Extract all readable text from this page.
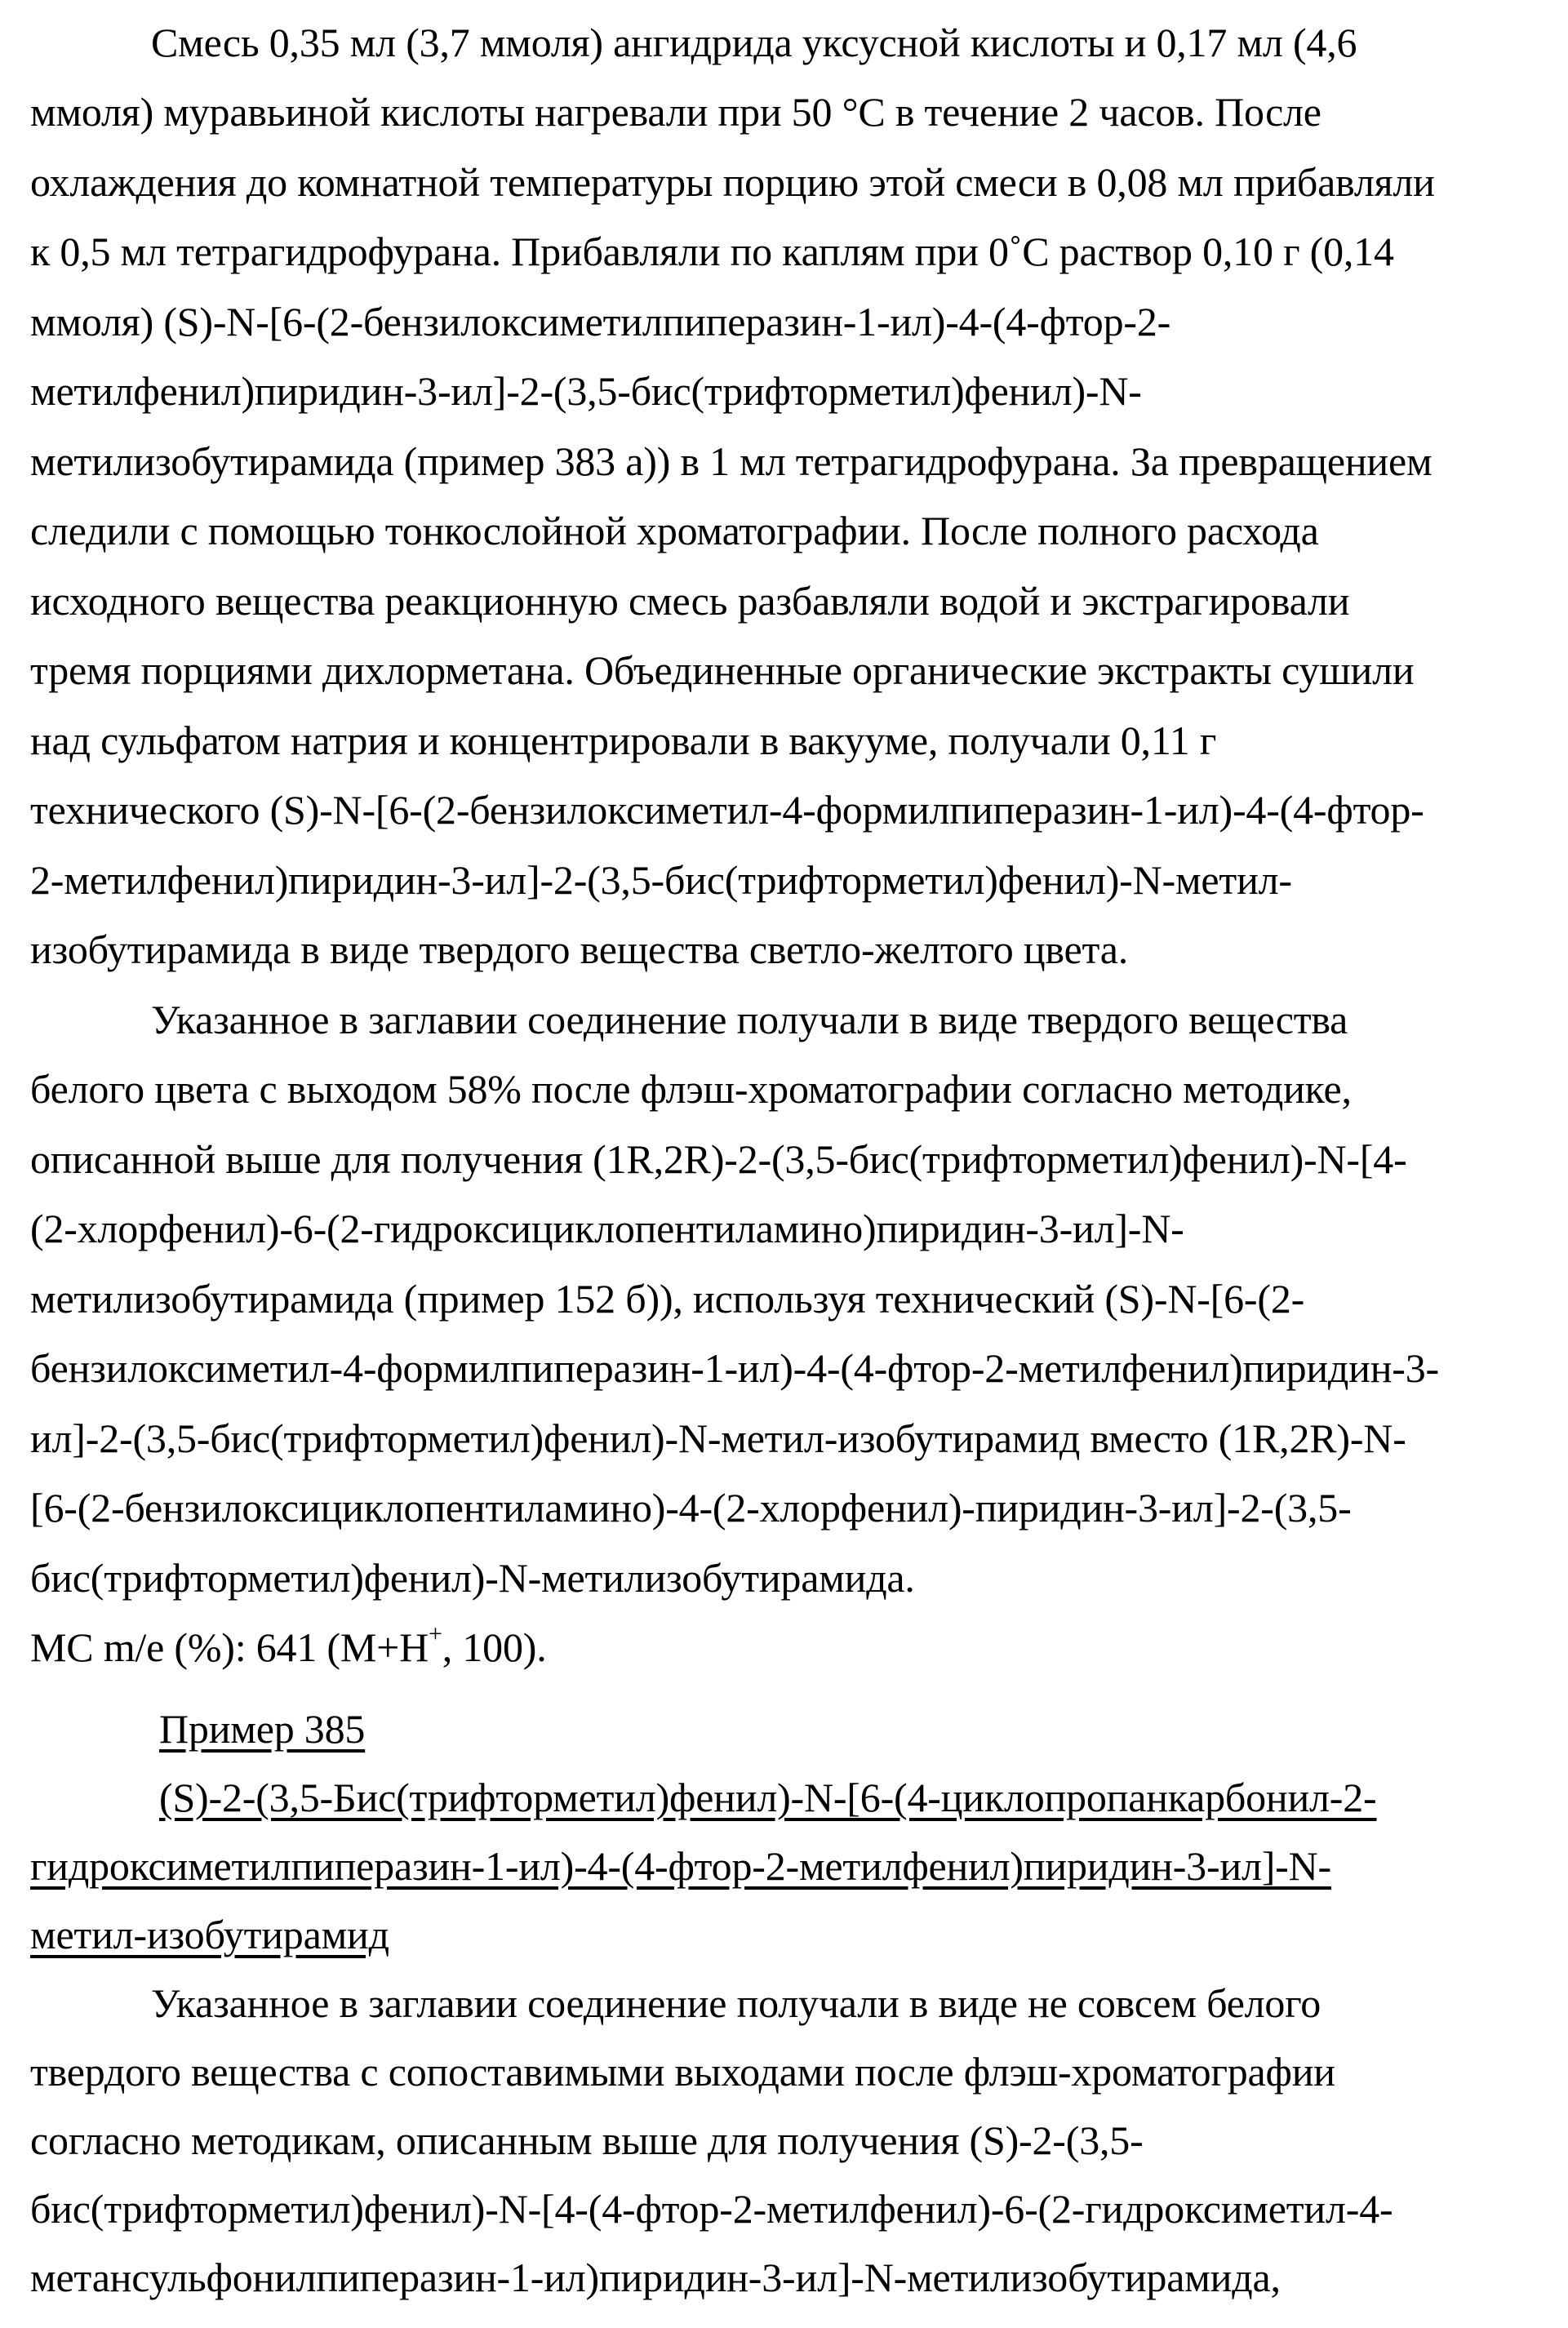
Смесь 0,35 мл (3,7 ммоля) ангидрида уксусной кислоты и 0,17 мл (4,6
ммоля) муравьиной кислоты нагревали при 50 °С в течение 2 часов. После
охлаждения до комнатной температуры порцию этой смеси в 0,08 мл прибавляли
к 0,5 мл тетрагидрофурана. Прибавляли по каплям при 0˚С раствор 0,10 г (0,14
ммоля) (S)-N-[6-(2-бензилоксиметилпиперазин-1-ил)-4-(4-фтор-2-
метилфенил)пиридин-3-ил]-2-(3,5-бис(трифторметил)фенил)-N-
метилизобутирамида (пример 383 а)) в 1 мл тетрагидрофурана. За превращением
следили с помощью тонкослойной хроматографии. После полного расхода
исходного вещества реакционную смесь разбавляли водой и экстрагировали
тремя порциями дихлорметана. Объединенные органические экстракты сушили
над сульфатом натрия и концентрировали в вакууме, получали 0,11 г
технического (S)-N-[6-(2-бензилоксиметил-4-формилпиперазин-1-ил)-4-(4-фтор-
2-метилфенил)пиридин-3-ил]-2-(3,5-бис(трифторметил)фенил)-N-метил-
изобутирамида в виде твердого вещества светло-желтого цвета.
Указанное в заглавии соединение получали в виде твердого вещества
белого цвета с выходом 58% после флэш-хроматографии согласно методике,
описанной выше для получения (1R,2R)-2-(3,5-бис(трифторметил)фенил)-N-[4-
(2-хлорфенил)-6-(2-гидроксициклопентиламино)пиридин-3-ил]-N-
метилизобутирамида (пример 152 б)), используя технический (S)-N-[6-(2-
бензилоксиметил-4-формилпиперазин-1-ил)-4-(4-фтор-2-метилфенил)пиридин-3-
ил]-2-(3,5-бис(трифторметил)фенил)-N-метил-изобутирамид вместо (1R,2R)-N-
[6-(2-бензилоксициклопентиламино)-4-(2-хлорфенил)-пиридин-3-ил]-2-(3,5-
бис(трифторметил)фенил)-N-метилизобутирамида.
МС m/e (%): 641 (M+H+, 100).
Пример 385
(S)-2-(3,5-Бис(трифторметил)фенил)-N-[6-(4-циклопропанкарбонил-2-
гидроксиметилпиперазин-1-ил)-4-(4-фтор-2-метилфенил)пиридин-3-ил]-N-
метил-изобутирамид
Указанное в заглавии соединение получали в виде не совсем белого
твердого вещества с сопоставимыми выходами после флэш-хроматографии
согласно методикам, описанным выше для получения (S)-2-(3,5-
бис(трифторметил)фенил)-N-[4-(4-фтор-2-метилфенил)-6-(2-гидроксиметил-4-
метансульфонилпиперазин-1-ил)пиридин-3-ил]-N-метилизобутирамида,
